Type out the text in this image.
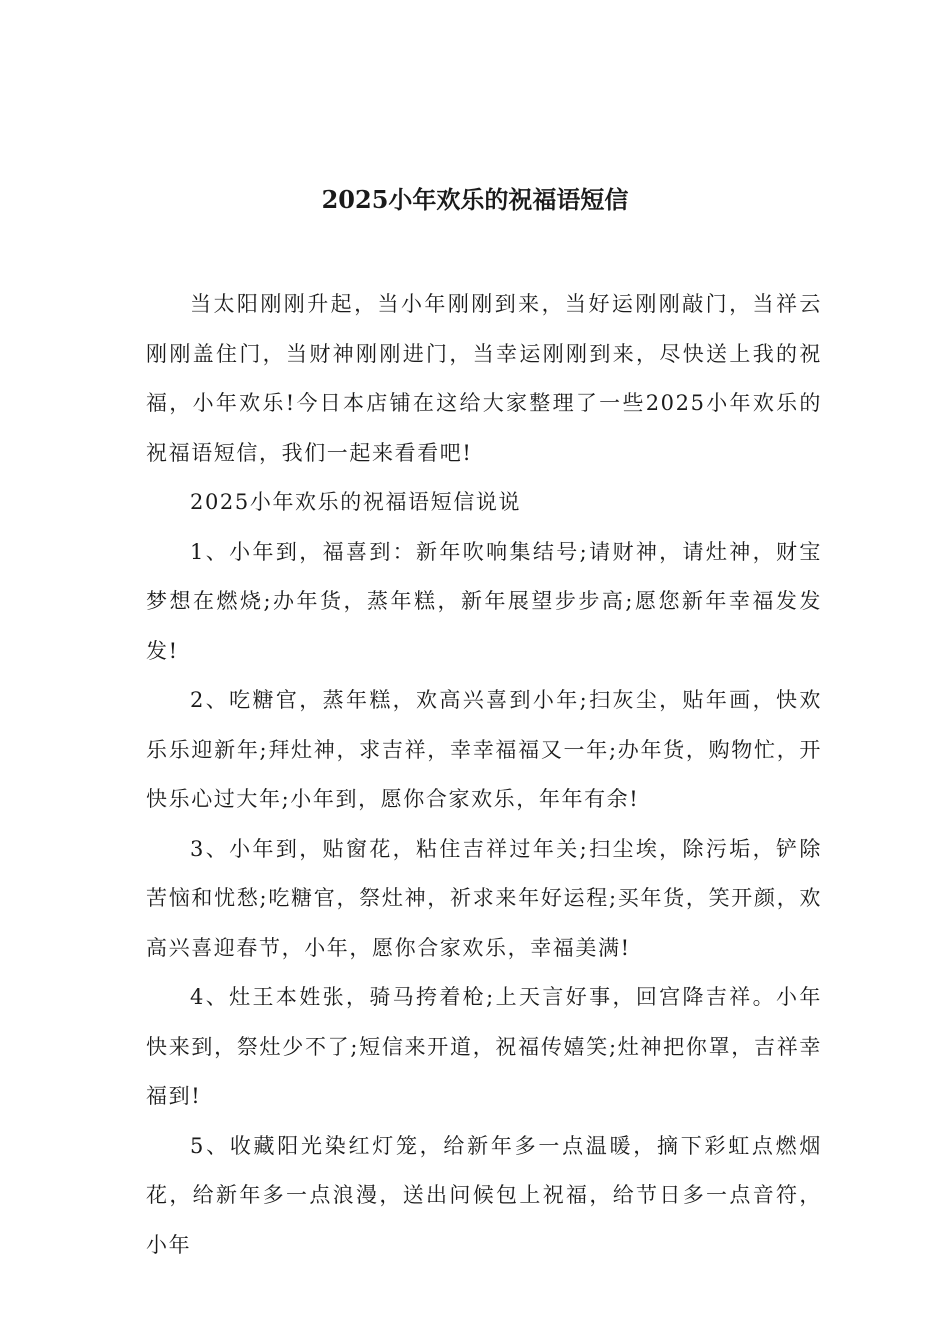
2025小年欢乐的祝福语短信

当太阳刚刚升起，当小年刚刚到来，当好运刚刚敲门，当祥云刚刚盖住门，当财神刚刚进门，当幸运刚刚到来，尽快送上我的祝福，小年欢乐!今日本店铺在这给大家整理了一些2025小年欢乐的祝福语短信，我们一起来看看吧!

2025小年欢乐的祝福语短信说说

1、小年到，福喜到：新年吹响集结号;请财神，请灶神，财宝梦想在燃烧;办年货，蒸年糕，新年展望步步高;愿您新年幸福发发发!

2、吃糖官，蒸年糕，欢高兴喜到小年;扫灰尘，贴年画，快欢乐乐迎新年;拜灶神，求吉祥，幸幸福福又一年;办年货，购物忙，开快乐心过大年;小年到，愿你合家欢乐，年年有余!

3、小年到，贴窗花，粘住吉祥过年关;扫尘埃，除污垢，铲除苦恼和忧愁;吃糖官，祭灶神，祈求来年好运程;买年货，笑开颜，欢高兴喜迎春节，小年，愿你合家欢乐，幸福美满!

4、灶王本姓张，骑马挎着枪;上天言好事，回宫降吉祥。小年快来到，祭灶少不了;短信来开道，祝福传嬉笑;灶神把你罩，吉祥幸福到!

5、收藏阳光染红灯笼，给新年多一点温暖，摘下彩虹点燃烟花，给新年多一点浪漫，送出问候包上祝福，给节日多一点音符，小年
